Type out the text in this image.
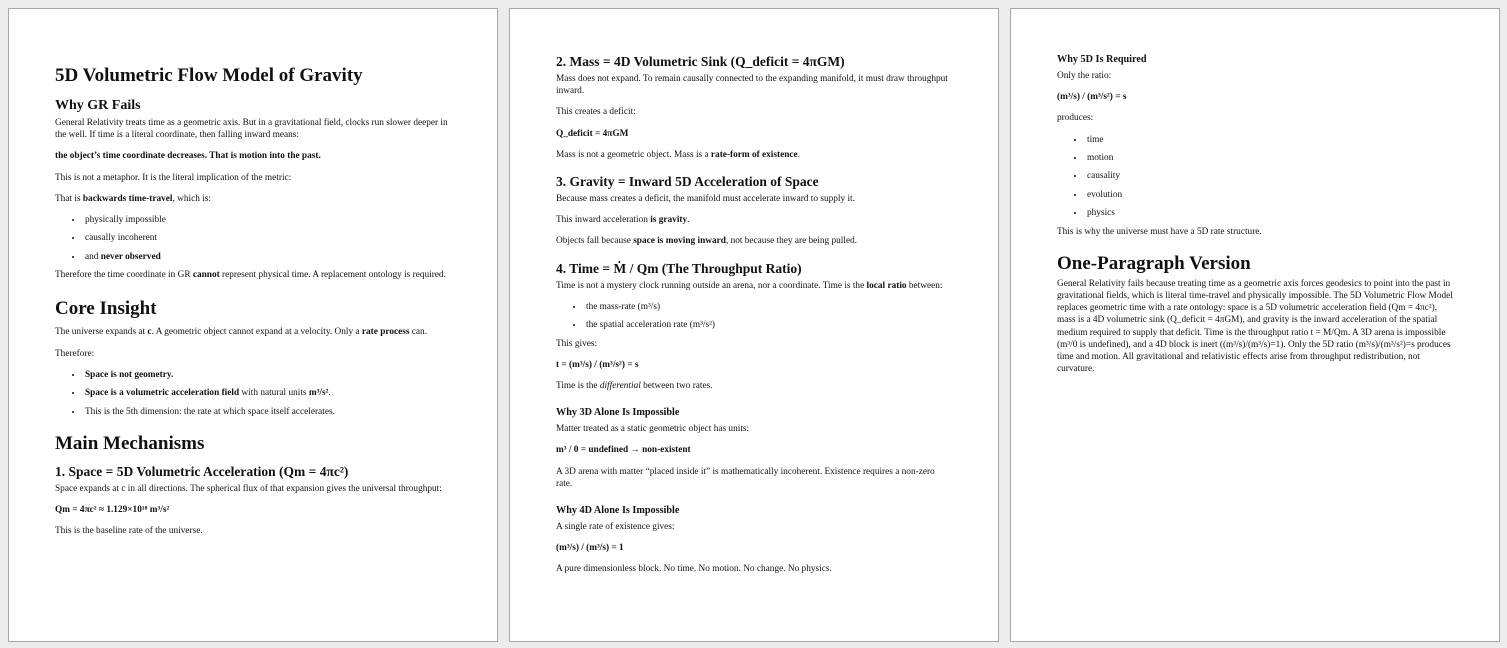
5D Volumetric Flow Model of Gravity
Why GR Fails

General Relativity treats time as a geometric axis. But in a gravitational field, clocks run slower deeper in the well. If time is a literal coordinate, then falling inward means:

the object’s time coordinate decreases. That is motion into the past.

This is not a metaphor. It is the literal implication of the metric:

That is backwards time-travel, which is:

• physically impossible
• causally incoherent
• and never observed

Therefore the time coordinate in GR cannot represent physical time. A replacement ontology is required.

Core Insight

The universe expands at c. A geometric object cannot expand at a velocity. Only a rate process can.

Therefore:

• Space is not geometry.
• Space is a volumetric acceleration field with natural units m³/s².
• This is the 5th dimension: the rate at which space itself accelerates.
Main Mechanisms
1. Space = 5D Volumetric Acceleration (Qm = 4πc²)

Space expands at c in all directions. The spherical flux of that expansion gives the universal throughput:

Qm = 4πc² ≈ 1.129×10¹⁸ m³/s²

This is the baseline rate of the universe.

2. Mass = 4D Volumetric Sink (Q_deficit = 4πGM)

Mass does not expand. To remain causally connected to the expanding manifold, it must draw throughput inward.

This creates a deficit:

Q_deficit = 4πGM

Mass is not a geometric object. Mass is a rate-form of existence.

3. Gravity = Inward 5D Acceleration of Space

Because mass creates a deficit, the manifold must accelerate inward to supply it.

This inward acceleration is gravity.

Objects fall because space is moving inward, not because they are being pulled.

4. Time = Ṁ / Qm (The Throughput Ratio)

Time is not a mystery clock running outside an arena, nor a coordinate. Time is the local ratio between:

• the mass-rate (m³/s)
• the spatial acceleration rate (m³/s²)

This gives:

t = (m³/s) / (m³/s²) = s

Time is the differential between two rates.

Why 3D Alone Is Impossible

Matter treated as a static geometric object has units:

m³ / 0 = undefined → non-existent

A 3D arena with matter “placed inside it” is mathematically incoherent. Existence requires a non-zero rate.

Why 4D Alone Is Impossible

A single rate of existence gives:

(m³/s) / (m³/s) = 1

A pure dimensionless block. No time. No motion. No change. No physics.

Why 5D Is Required

Only the ratio:

(m³/s) / (m³/s²) = s

produces:

• time
• motion
• causality
• evolution
• physics

This is why the universe must have a 5D rate structure.

One-Paragraph Version

General Relativity fails because treating time as a geometric axis forces geodesics to point into the past in gravitational fields, which is literal time-travel and physically impossible. The 5D Volumetric Flow Model replaces geometric time with a rate ontology: space is a 5D volumetric acceleration field (Qm = 4πc²), mass is a 4D volumetric sink (Q_deficit = 4πGM), and gravity is the inward acceleration of the spatial medium required to supply that deficit. Time is the throughput ratio t = M/Qm. A 3D arena is impossible (m³/0 is undefined), and a 4D block is inert ((m³/s)/(m³/s)=1). Only the 5D ratio (m³/s)/(m³/s²)=s produces time and motion. All gravitational and relativistic effects arise from throughput redistribution, not curvature.
